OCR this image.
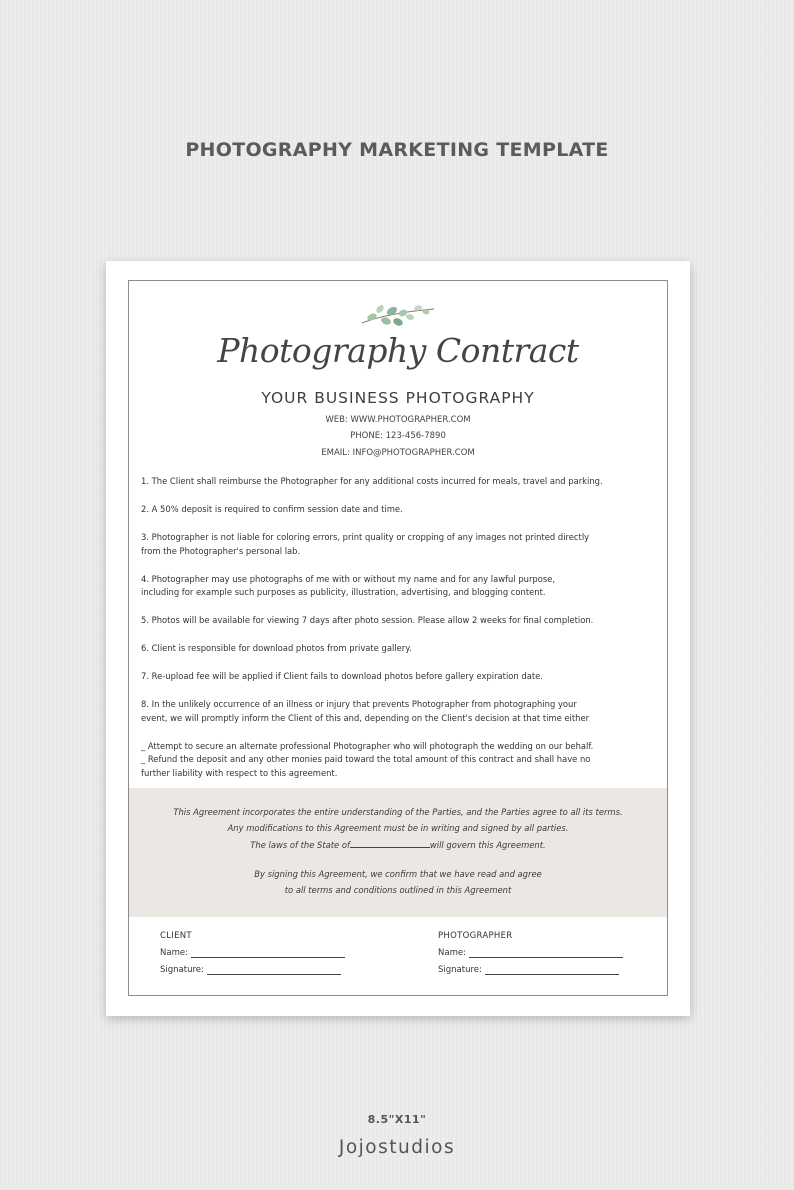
PHOTOGRAPHY MARKETING TEMPLATE
Photography Contract
YOUR BUSINESS PHOTOGRAPHY
WEB: WWW.PHOTOGRAPHER.COM
PHONE: 123-456-7890
EMAIL: INFO@PHOTOGRAPHER.COM
1. The Client shall reimburse the Photographer for any additional costs incurred for meals, travel and parking.
2. A 50% deposit is required to confirm session date and time.
3. Photographer is not liable for coloring errors, print quality or cropping of any images not printed directly
from the Photographer's personal lab.
4. Photographer may use photographs of me with or without my name and for any lawful purpose,
including for example such purposes as publicity, illustration, advertising, and blogging content.
5. Photos will be available for viewing 7 days after photo session. Please allow 2 weeks for final completion.
6. Client is responsible for download photos from private gallery.
7. Re-upload fee will be applied if Client fails to download photos before gallery expiration date.
8. In the unlikely occurrence of an illness or injury that prevents Photographer from photographing your
event, we will promptly inform the Client of this and, depending on the Client's decision at that time either
_ Attempt to secure an alternate professional Photographer who will photograph the wedding on our behalf.
_ Refund the deposit and any other monies paid toward the total amount of this contract and shall have no
further liability with respect to this agreement.
This Agreement incorporates the entire understanding of the Parties, and the Parties agree to all its terms.
Any modifications to this Agreement must be in writing and signed by all parties.
The laws of the State of	will govern this Agreement.
By signing this Agreement, we confirm that we have read and agree
to all terms and conditions outlined in this Agreement
CLIENT
Name:
Signature:
PHOTOGRAPHER
Name:
Signature:
8.5"X11"
Jojostudios
